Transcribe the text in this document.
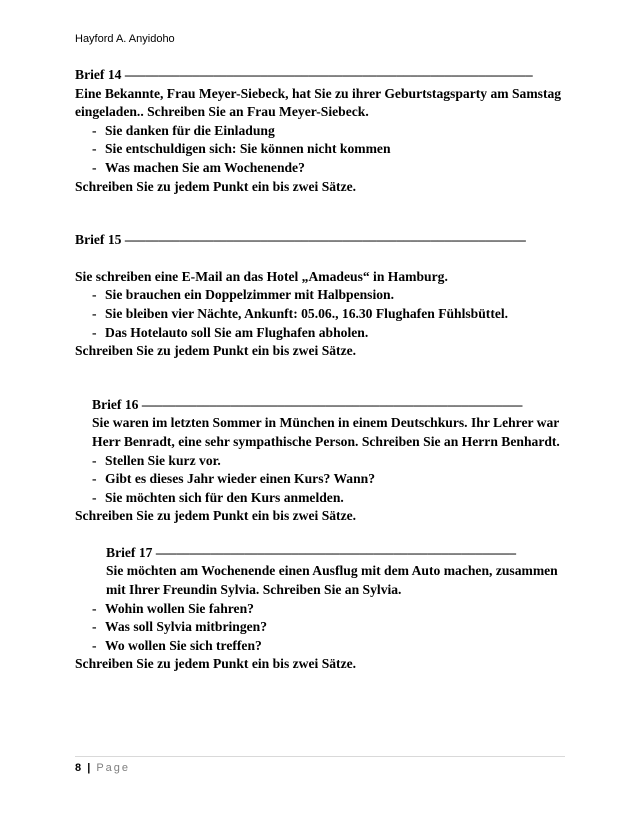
Hayford A. Anyidoho

Brief 14 ––––––––––––––––––––––––––––––––––––––––––––––––––––––––––––

Eine Bekannte, Frau Meyer-Siebeck, hat Sie zu ihrer Geburtstagsparty am Samstag eingeladen.. Schreiben Sie an Frau Meyer-Siebeck.

- Sie danken für die Einladung
- Sie entschuldigen sich: Sie können nicht kommen
- Was machen Sie am Wochenende?

Schreiben Sie zu jedem Punkt ein bis zwei Sätze.

Brief 15 –––––––––––––––––––––––––––––––––––––––––––––––––––––––––––

Sie schreiben eine E-Mail an das Hotel „Amadeus“ in Hamburg.

- Sie brauchen ein Doppelzimmer mit Halbpension.
- Sie bleiben vier Nächte, Ankunft: 05.06., 16.30 Flughafen Fühlsbüttel.
- Das Hotelauto soll Sie am Flughafen abholen.

Schreiben Sie zu jedem Punkt ein bis zwei Sätze.

Brief 16 ––––––––––––––––––––––––––––––––––––––––––––––––––––––––

Sie waren im letzten Sommer in München in einem Deutschkurs. Ihr Lehrer war Herr Benradt, eine sehr sympathische Person. Schreiben Sie an Herrn Benhardt.

- Stellen Sie kurz vor.
- Gibt es dieses Jahr wieder einen Kurs? Wann?
- Sie möchten sich für den Kurs anmelden.

Schreiben Sie zu jedem Punkt ein bis zwei Sätze.

Brief 17 –––––––––––––––––––––––––––––––––––––––––––––––––––––

Sie möchten am Wochenende einen Ausflug mit dem Auto machen, zusammen mit Ihrer Freundin Sylvia. Schreiben Sie an Sylvia.

- Wohin wollen Sie fahren?
- Was soll Sylvia mitbringen?
- Wo wollen Sie sich treffen?

Schreiben Sie zu jedem Punkt ein bis zwei Sätze.

8 | Page
